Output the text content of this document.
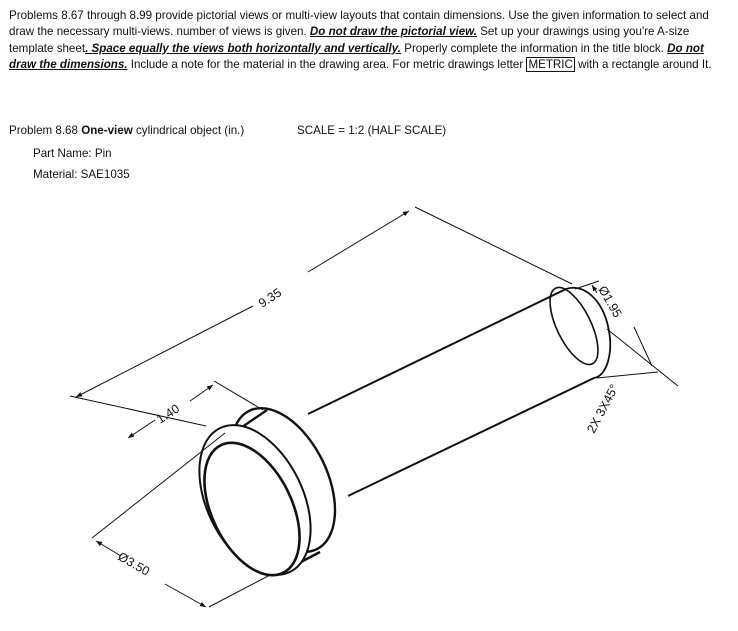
Problems 8.67 through 8.99 provide pictorial views or multi-view layouts that contain dimensions. Use the given information to select and draw the necessary multi-views. number of views is given. Do not draw the pictorial view. Set up your drawings using you're A-size template sheet. Space equally the views both horizontally and vertically. Properly complete the information in the title block. Do not draw the dimensions. Include a note for the material in the drawing area. For metric drawings letter METRIC with a rectangle around It.

Problem 8.68 One-view cylindrical object (in.)	SCALE = 1:2 (HALF SCALE)
Part Name: Pin
Material: SAE1035
9.35
1.40
Ø3.50
Ø1.95
2X 3X45°
